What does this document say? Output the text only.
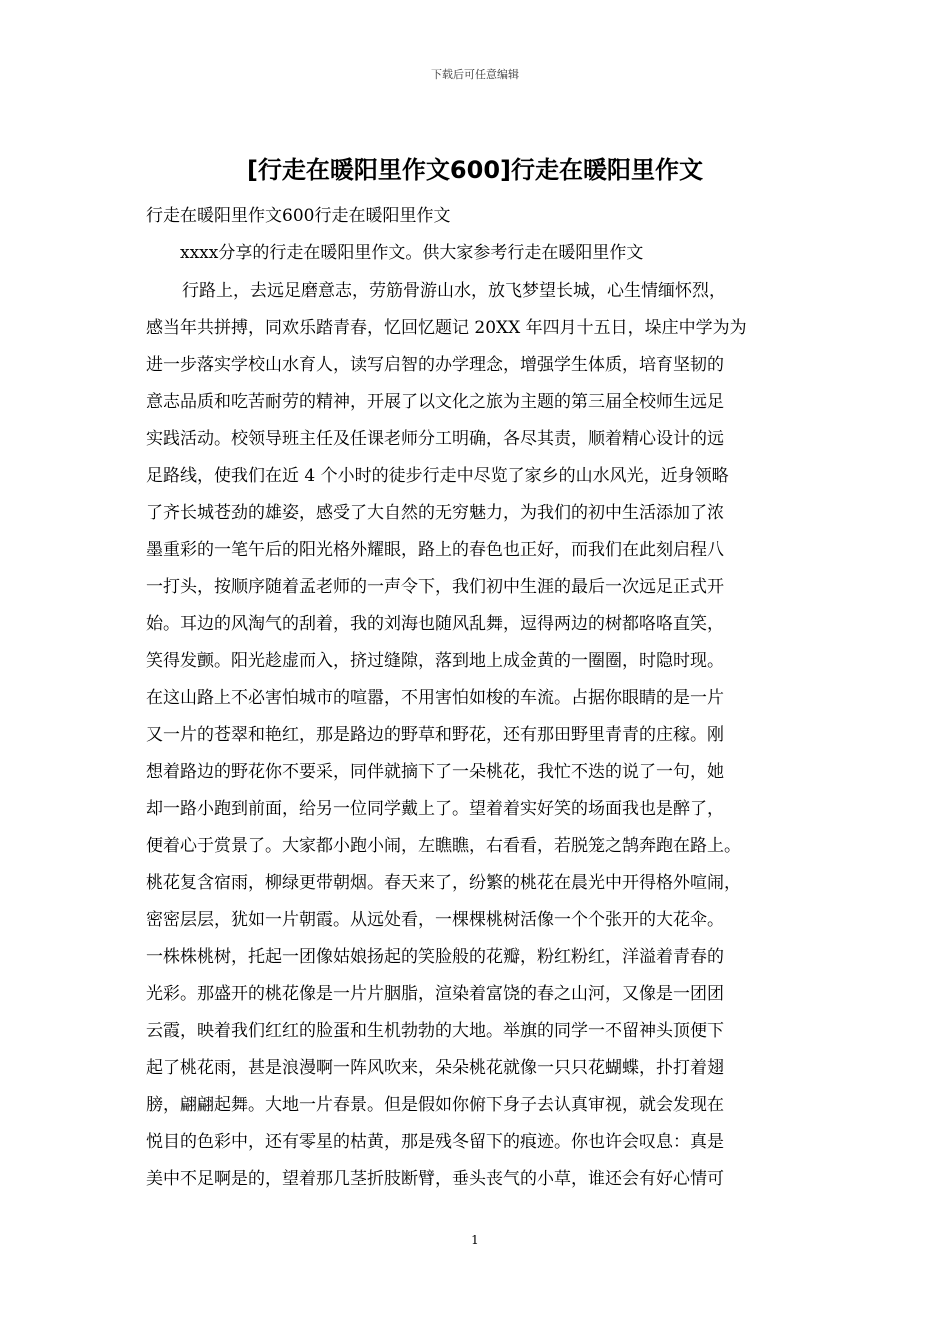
下载后可任意编辑
[行走在暖阳里作文600]行走在暖阳里作文
行走在暖阳里作文600行走在暖阳里作文
xxxx分享的行走在暖阳里作文。供大家参考行走在暖阳里作文
行路上，去远足磨意志，劳筋骨游山水，放飞梦望长城，心生情缅怀烈，
感当年共拼搏，同欢乐踏青春，忆回忆题记 20XX 年四月十五日，垛庄中学为为
进一步落实学校山水育人，读写启智的办学理念，增强学生体质，培育坚韧的
意志品质和吃苦耐劳的精神，开展了以文化之旅为主题的第三届全校师生远足
实践活动。校领导班主任及任课老师分工明确，各尽其责，顺着精心设计的远
足路线，使我们在近 4 个小时的徒步行走中尽览了家乡的山水风光，近身领略
了齐长城苍劲的雄姿，感受了大自然的无穷魅力，为我们的初中生活添加了浓
墨重彩的一笔午后的阳光格外耀眼，路上的春色也正好，而我们在此刻启程八
一打头，按顺序随着孟老师的一声令下，我们初中生涯的最后一次远足正式开
始。耳边的风淘气的刮着，我的刘海也随风乱舞，逗得两边的树都咯咯直笑，
笑得发颤。阳光趁虚而入，挤过缝隙，落到地上成金黄的一圈圈，时隐时现。
在这山路上不必害怕城市的喧嚣，不用害怕如梭的车流。占据你眼睛的是一片
又一片的苍翠和艳红，那是路边的野草和野花，还有那田野里青青的庄稼。刚
想着路边的野花你不要采，同伴就摘下了一朵桃花，我忙不迭的说了一句，她
却一路小跑到前面，给另一位同学戴上了。望着着实好笑的场面我也是醉了，
便着心于赏景了。大家都小跑小闹，左瞧瞧，右看看，若脱笼之鹄奔跑在路上。
桃花复含宿雨，柳绿更带朝烟。春天来了，纷繁的桃花在晨光中开得格外喧闹，
密密层层，犹如一片朝霞。从远处看，一棵棵桃树活像一个个张开的大花伞。
一株株桃树，托起一团像姑娘扬起的笑脸般的花瓣，粉红粉红，洋溢着青春的
光彩。那盛开的桃花像是一片片胭脂，渲染着富饶的春之山河，又像是一团团
云霞，映着我们红红的脸蛋和生机勃勃的大地。举旗的同学一不留神头顶便下
起了桃花雨，甚是浪漫啊一阵风吹来，朵朵桃花就像一只只花蝴蝶，扑打着翅
膀，翩翩起舞。大地一片春景。但是假如你俯下身子去认真审视，就会发现在
悦目的色彩中，还有零星的枯黄，那是残冬留下的痕迹。你也许会叹息：真是
美中不足啊是的，望着那几茎折肢断臂，垂头丧气的小草，谁还会有好心情可
1
